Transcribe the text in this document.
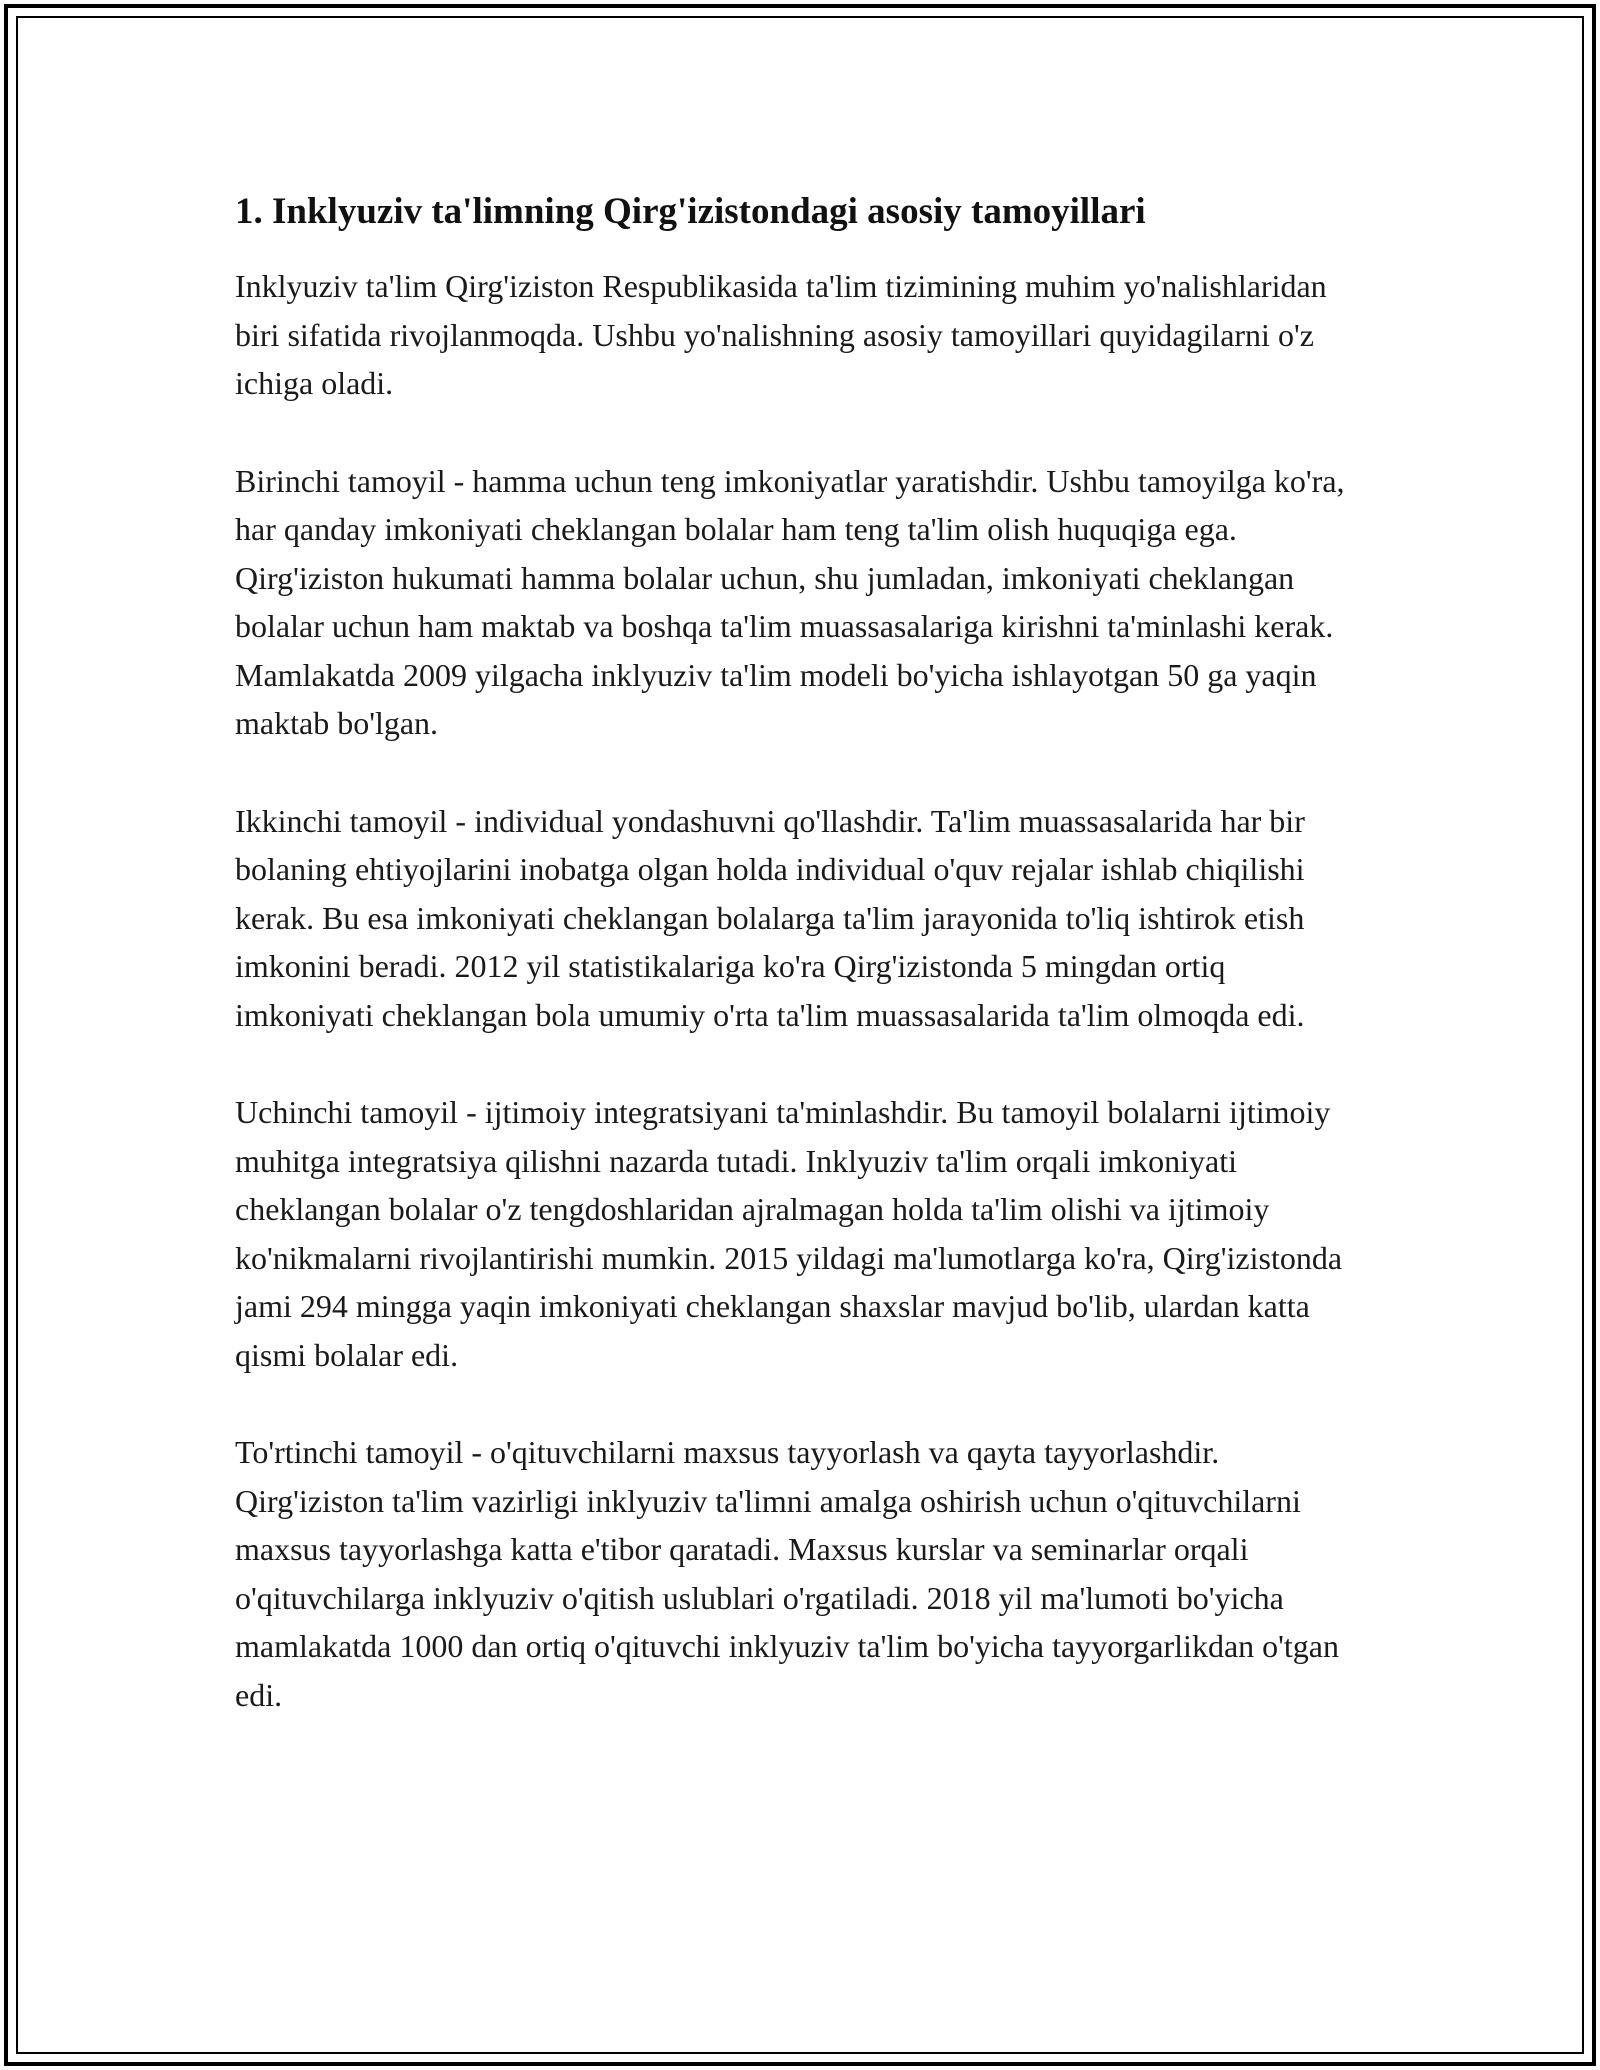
1. Inklyuziv ta'limning Qirg'izistondagi asosiy tamoyillari

Inklyuziv ta'lim Qirg'iziston Respublikasida ta'lim tizimining muhim yo'nalishlaridan biri sifatida rivojlanmoqda. Ushbu yo'nalishning asosiy tamoyillari quyidagilarni o'z ichiga oladi.

Birinchi tamoyil - hamma uchun teng imkoniyatlar yaratishdir. Ushbu tamoyilga ko'ra, har qanday imkoniyati cheklangan bolalar ham teng ta'lim olish huquqiga ega. Qirg'iziston hukumati hamma bolalar uchun, shu jumladan, imkoniyati cheklangan bolalar uchun ham maktab va boshqa ta'lim muassasalariga kirishni ta'minlashi kerak. Mamlakatda 2009 yilgacha inklyuziv ta'lim modeli bo'yicha ishlayotgan 50 ga yaqin maktab bo'lgan.

Ikkinchi tamoyil - individual yondashuvni qo'llashdir. Ta'lim muassasalarida har bir bolaning ehtiyojlarini inobatga olgan holda individual o'quv rejalar ishlab chiqilishi kerak. Bu esa imkoniyati cheklangan bolalarga ta'lim jarayonida to'liq ishtirok etish imkonini beradi. 2012 yil statistikalariga ko'ra Qirg'izistonda 5 mingdan ortiq imkoniyati cheklangan bola umumiy o'rta ta'lim muassasalarida ta'lim olmoqda edi.

Uchinchi tamoyil - ijtimoiy integratsiyani ta'minlashdir. Bu tamoyil bolalarni ijtimoiy muhitga integratsiya qilishni nazarda tutadi. Inklyuziv ta'lim orqali imkoniyati cheklangan bolalar o'z tengdoshlaridan ajralmagan holda ta'lim olishi va ijtimoiy ko'nikmalarni rivojlantirishi mumkin. 2015 yildagi ma'lumotlarga ko'ra, Qirg'izistonda jami 294 mingga yaqin imkoniyati cheklangan shaxslar mavjud bo'lib, ulardan katta qismi bolalar edi.

To'rtinchi tamoyil - o'qituvchilarni maxsus tayyorlash va qayta tayyorlashdir. Qirg'iziston ta'lim vazirligi inklyuziv ta'limni amalga oshirish uchun o'qituvchilarni maxsus tayyorlashga katta e'tibor qaratadi. Maxsus kurslar va seminarlar orqali o'qituvchilarga inklyuziv o'qitish uslublari o'rgatiladi. 2018 yil ma'lumoti bo'yicha mamlakatda 1000 dan ortiq o'qituvchi inklyuziv ta'lim bo'yicha tayyorgarlikdan o'tgan edi.
